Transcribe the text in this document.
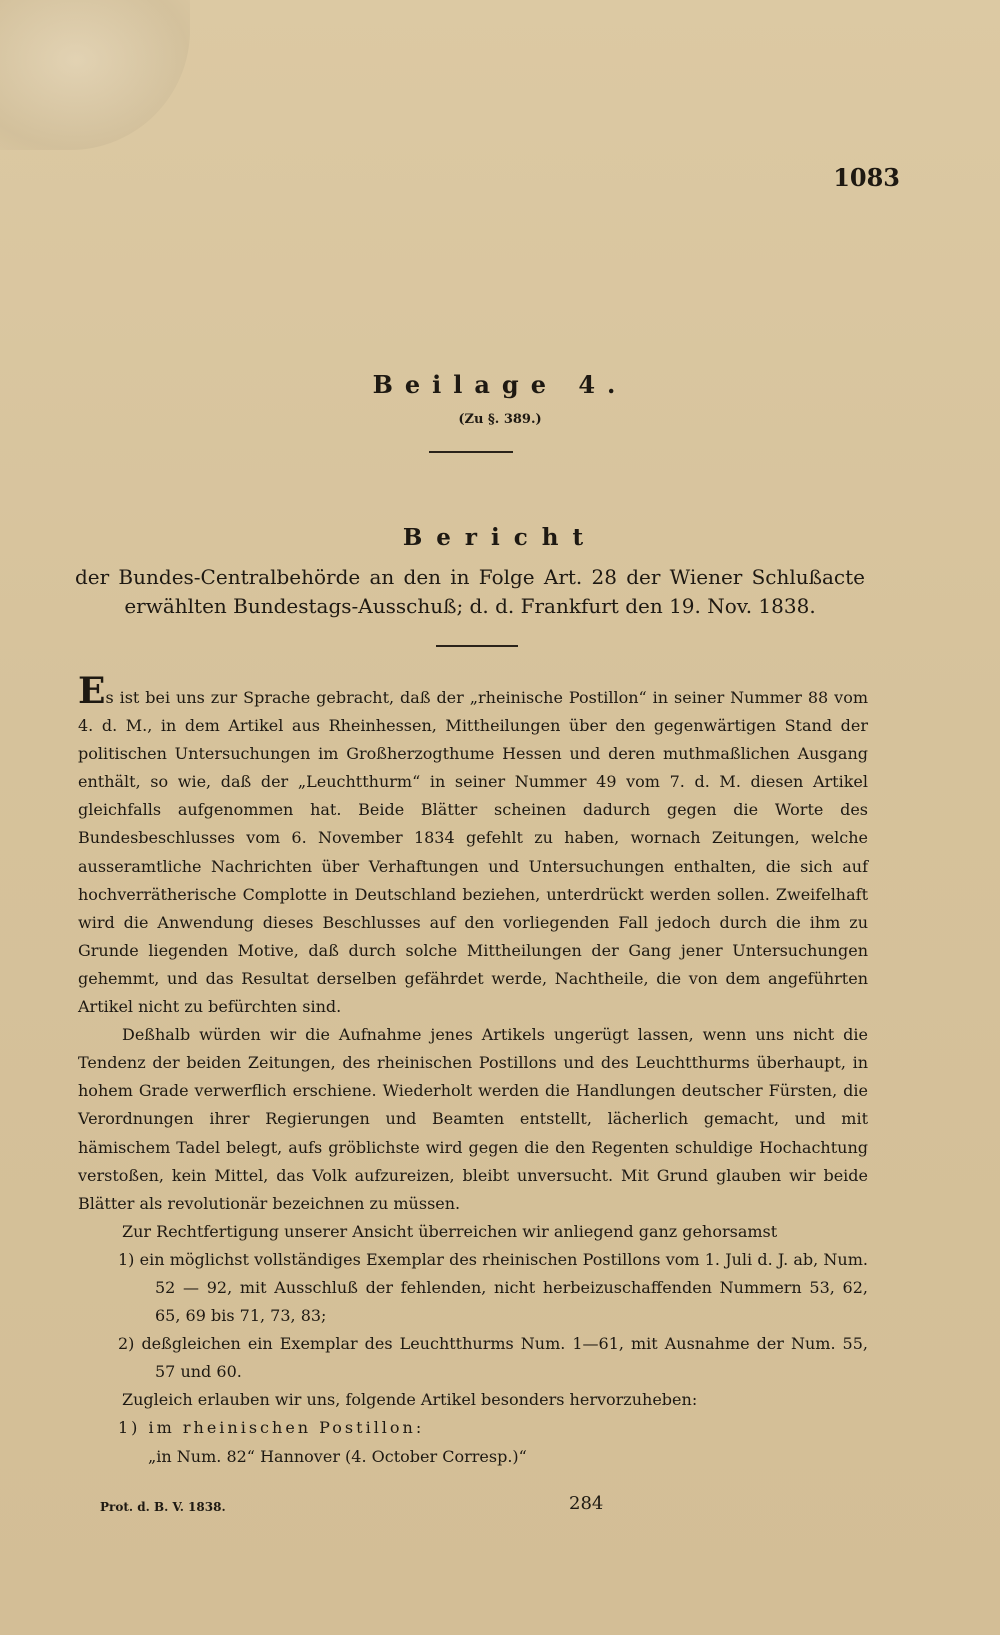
1083
Beilage 4.
(Zu §. 389.)
Bericht
der Bundes-Centralbehörde an den in Folge Art. 28 der Wiener Schlußacte erwählten Bundestags-Ausschuß; d. d. Frankfurt den 19. Nov. 1838.

Es ist bei uns zur Sprache gebracht, daß der „rheinische Postillon“ in seiner Nummer 88 vom 4. d. M., in dem Artikel aus Rheinhessen, Mittheilungen über den gegenwärtigen Stand der politischen Untersuchungen im Großherzogthume Hessen und deren muthmaßlichen Ausgang enthält, so wie, daß der „Leuchtthurm“ in seiner Nummer 49 vom 7. d. M. diesen Artikel gleichfalls aufgenommen hat. Beide Blätter scheinen dadurch gegen die Worte des Bundesbeschlusses vom 6. November 1834 gefehlt zu haben, wornach Zeitungen, welche ausseramtliche Nachrichten über Verhaftungen und Untersuchungen enthalten, die sich auf hochverrätherische Complotte in Deutschland beziehen, unterdrückt werden sollen. Zweifelhaft wird die Anwendung dieses Beschlusses auf den vorliegenden Fall jedoch durch die ihm zu Grunde liegenden Motive, daß durch solche Mittheilungen der Gang jener Untersuchungen gehemmt, und das Resultat derselben gefährdet werde, Nachtheile, die von dem angeführten Artikel nicht zu befürchten sind.

Deßhalb würden wir die Aufnahme jenes Artikels ungerügt lassen, wenn uns nicht die Tendenz der beiden Zeitungen, des rheinischen Postillons und des Leuchtthurms überhaupt, in hohem Grade verwerflich erschiene. Wiederholt werden die Handlungen deutscher Fürsten, die Verordnungen ihrer Regierungen und Beamten entstellt, lächerlich gemacht, und mit hämischem Tadel belegt, aufs gröblichste wird gegen die den Regenten schuldige Hochachtung verstoßen, kein Mittel, das Volk aufzureizen, bleibt unversucht. Mit Grund glauben wir beide Blätter als revolutionär bezeichnen zu müssen.

Zur Rechtfertigung unserer Ansicht überreichen wir anliegend ganz gehorsamst

1) ein möglichst vollständiges Exemplar des rheinischen Postillons vom 1. Juli d. J. ab, Num. 52 — 92, mit Ausschluß der fehlenden, nicht herbeizuschaffenden Nummern 53, 62, 65, 69 bis 71, 73, 83;

2) deßgleichen ein Exemplar des Leuchtthurms Num. 1—61, mit Ausnahme der Num. 55, 57 und 60.

Zugleich erlauben wir uns, folgende Artikel besonders hervorzuheben:

1) im rheinischen Postillon:

„in Num. 82“ Hannover (4. October Corresp.)“

Prot. d. B. V. 1838.	284
